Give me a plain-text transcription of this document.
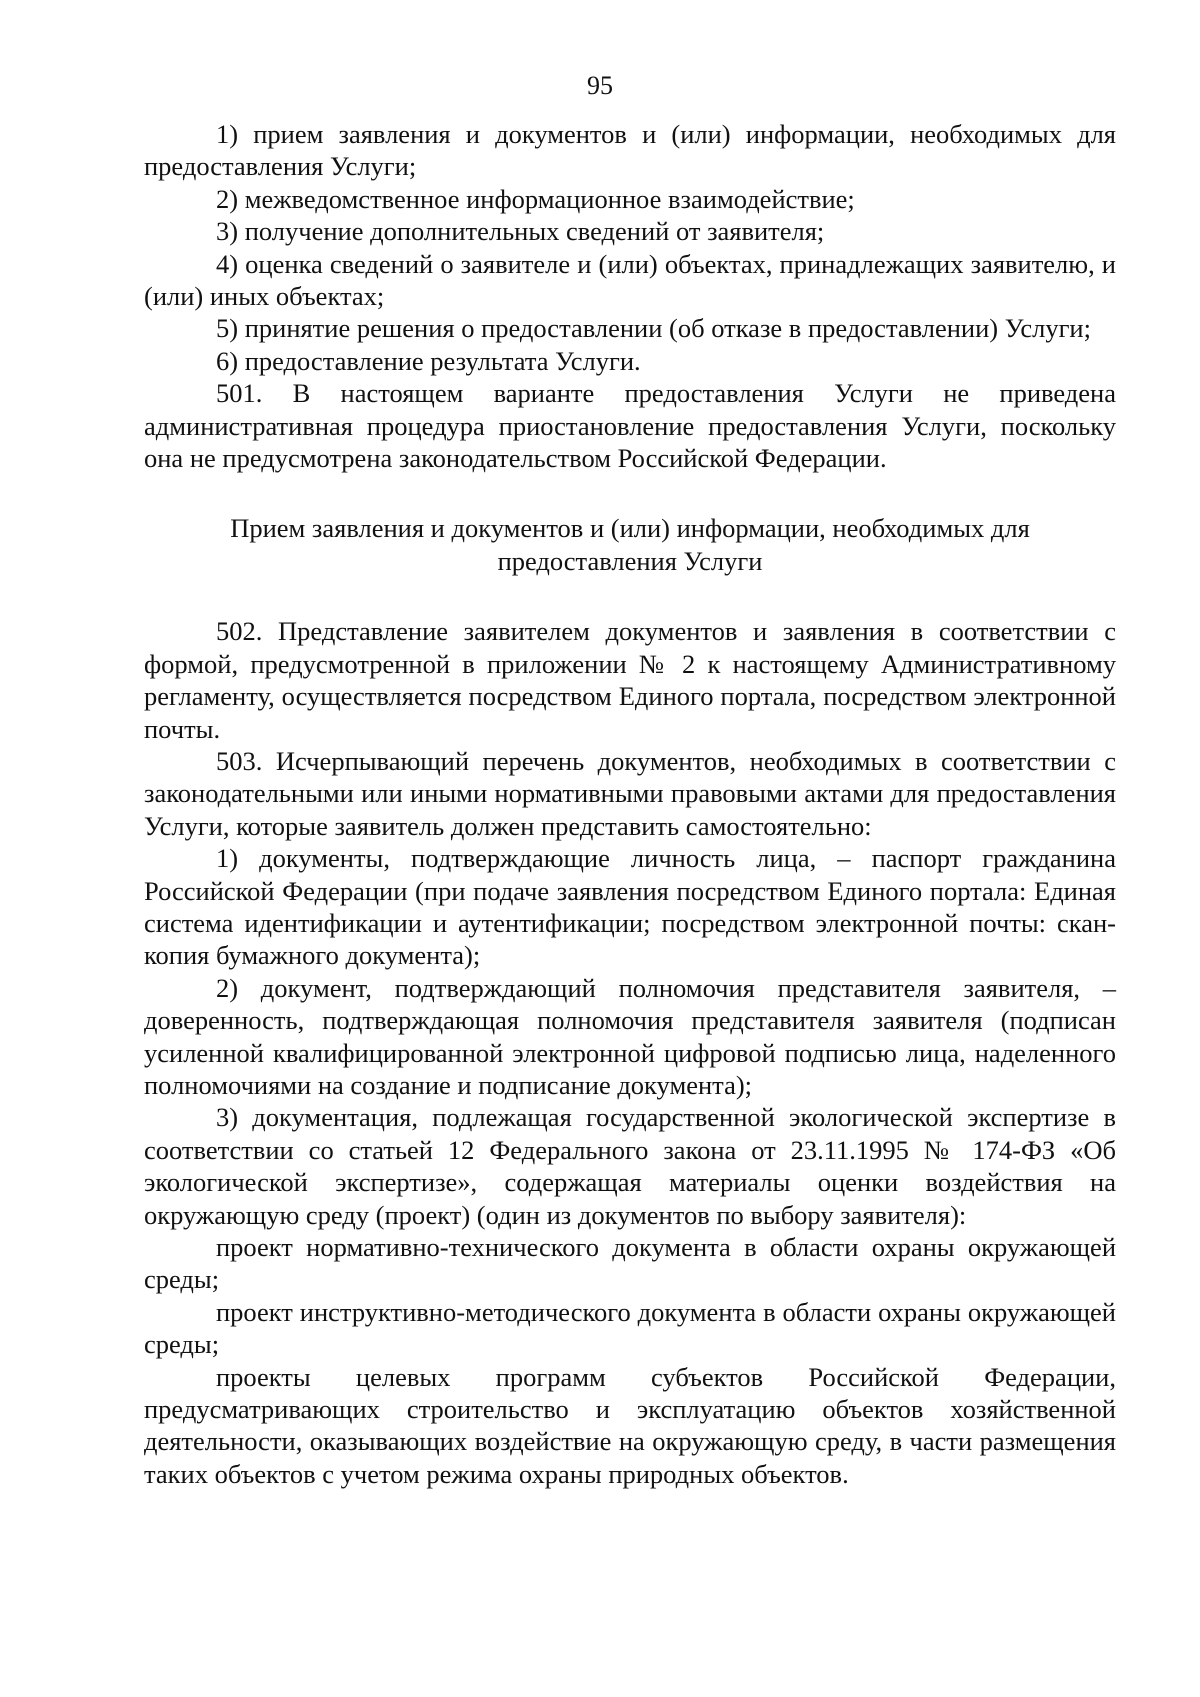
95

1) прием заявления и документов и (или) информации, необходимых для предоставления Услуги;

2) межведомственное информационное взаимодействие;

3) получение дополнительных сведений от заявителя;

4) оценка сведений о заявителе и (или) объектах, принадлежащих заявителю, и (или) иных объектах;

5) принятие решения о предоставлении (об отказе в предоставлении) Услуги;

6) предоставление результата Услуги.

501. В настоящем варианте предоставления Услуги не приведена административная процедура приостановление предоставления Услуги, поскольку она не предусмотрена законодательством Российской Федерации.

Прием заявления и документов и (или) информации, необходимых для предоставления Услуги

502. Представление заявителем документов и заявления в соответствии с формой, предусмотренной в приложении № 2 к настоящему Административному регламенту, осуществляется посредством Единого портала, посредством электронной почты.

503. Исчерпывающий перечень документов, необходимых в соответствии с законодательными или иными нормативными правовыми актами для предоставления Услуги, которые заявитель должен представить самостоятельно:

1) документы, подтверждающие личность лица, – паспорт гражданина Российской Федерации (при подаче заявления посредством Единого портала: Единая система идентификации и аутентификации; посредством электронной почты: скан-копия бумажного документа);

2) документ, подтверждающий полномочия представителя заявителя, – доверенность, подтверждающая полномочия представителя заявителя (подписан усиленной квалифицированной электронной цифровой подписью лица, наделенного полномочиями на создание и подписание документа);

3) документация, подлежащая государственной экологической экспертизе в соответствии со статьей 12 Федерального закона от 23.11.1995 № 174-ФЗ «Об экологической экспертизе», содержащая материалы оценки воздействия на окружающую среду (проект) (один из документов по выбору заявителя):

проект нормативно-технического документа в области охраны окружающей среды;

проект инструктивно-методического документа в области охраны окружающей среды;

проекты целевых программ субъектов Российской Федерации, предусматривающих строительство и эксплуатацию объектов хозяйственной деятельности, оказывающих воздействие на окружающую среду, в части размещения таких объектов с учетом режима охраны природных объектов.
